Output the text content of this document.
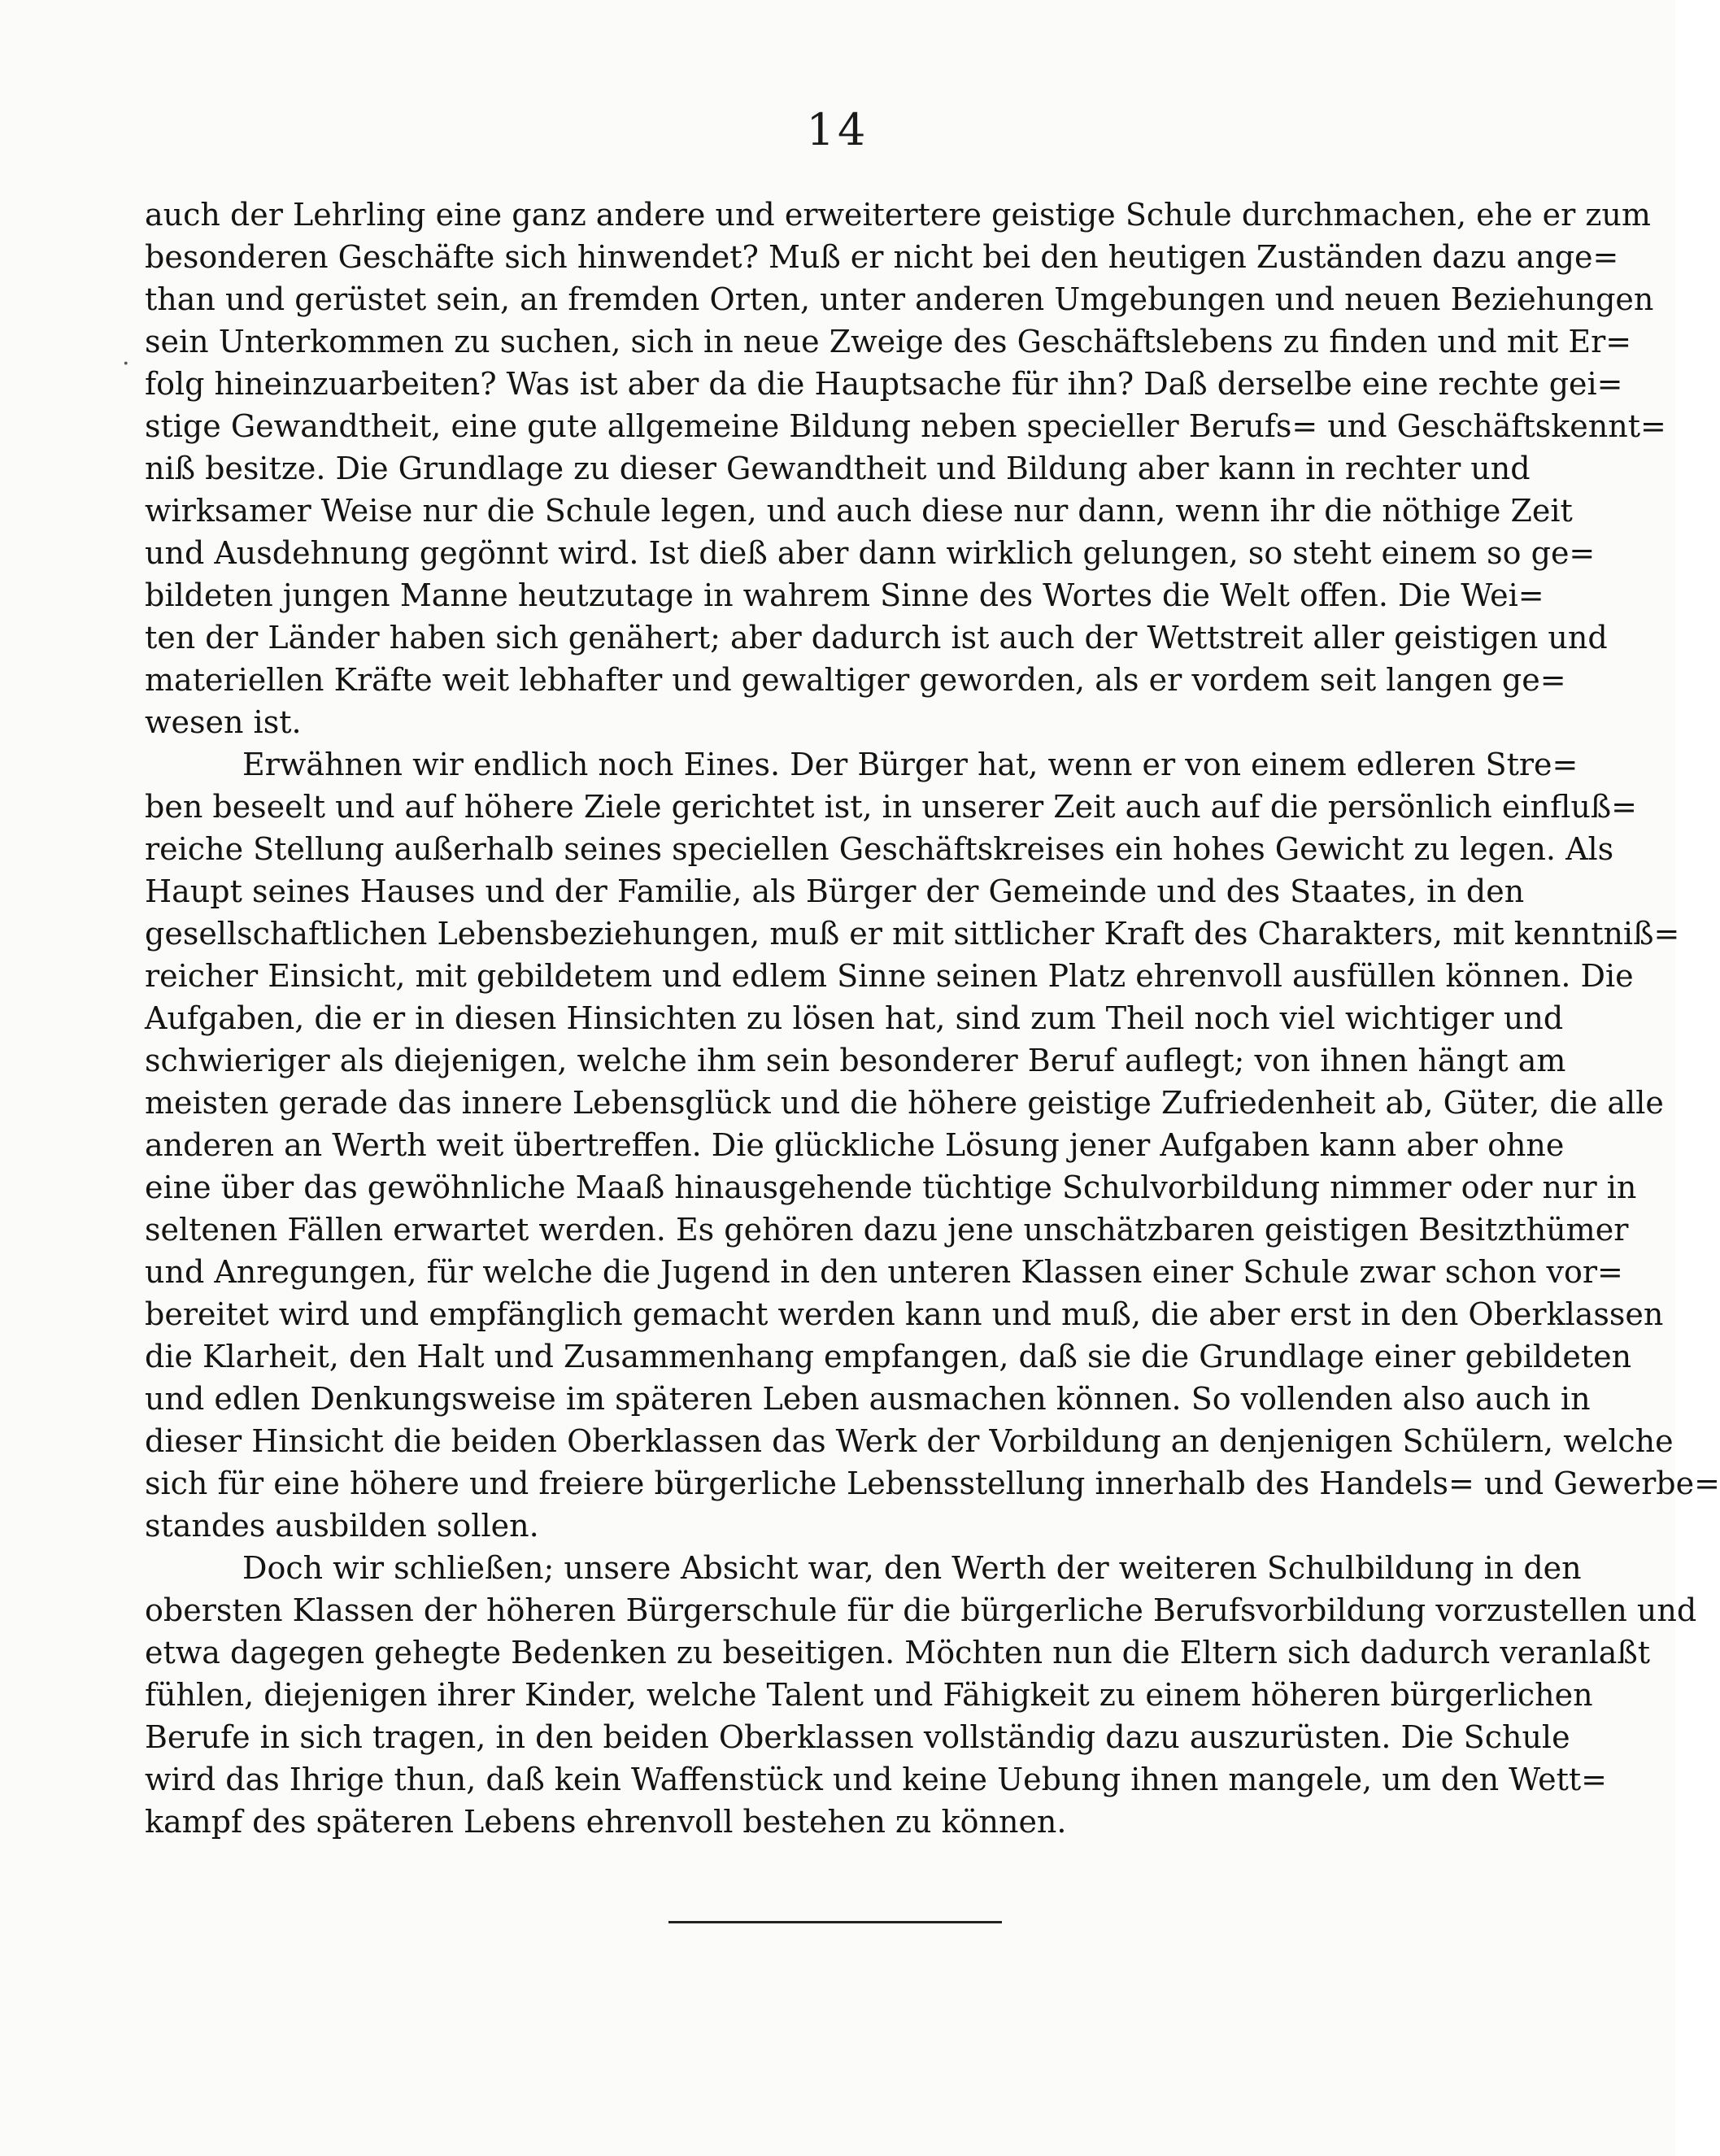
14
·
auch der Lehrling eine ganz andere und erweitertere geistige Schule durchmachen, ehe er zum
besonderen Geschäfte sich hinwendet? Muß er nicht bei den heutigen Zuständen dazu ange=
than und gerüstet sein, an fremden Orten, unter anderen Umgebungen und neuen Beziehungen
sein Unterkommen zu suchen, sich in neue Zweige des Geschäftslebens zu finden und mit Er=
folg hineinzuarbeiten? Was ist aber da die Hauptsache für ihn? Daß derselbe eine rechte gei=
stige Gewandtheit, eine gute allgemeine Bildung neben specieller Berufs= und Geschäftskennt=
niß besitze. Die Grundlage zu dieser Gewandtheit und Bildung aber kann in rechter und
wirksamer Weise nur die Schule legen, und auch diese nur dann, wenn ihr die nöthige Zeit
und Ausdehnung gegönnt wird. Ist dieß aber dann wirklich gelungen, so steht einem so ge=
bildeten jungen Manne heutzutage in wahrem Sinne des Wortes die Welt offen. Die Wei=
ten der Länder haben sich genähert; aber dadurch ist auch der Wettstreit aller geistigen und
materiellen Kräfte weit lebhafter und gewaltiger geworden, als er vordem seit langen ge=
wesen ist.
Erwähnen wir endlich noch Eines. Der Bürger hat, wenn er von einem edleren Stre=
ben beseelt und auf höhere Ziele gerichtet ist, in unserer Zeit auch auf die persönlich einfluß=
reiche Stellung außerhalb seines speciellen Geschäftskreises ein hohes Gewicht zu legen. Als
Haupt seines Hauses und der Familie, als Bürger der Gemeinde und des Staates, in den
gesellschaftlichen Lebensbeziehungen, muß er mit sittlicher Kraft des Charakters, mit kenntniß=
reicher Einsicht, mit gebildetem und edlem Sinne seinen Platz ehrenvoll ausfüllen können. Die
Aufgaben, die er in diesen Hinsichten zu lösen hat, sind zum Theil noch viel wichtiger und
schwieriger als diejenigen, welche ihm sein besonderer Beruf auflegt; von ihnen hängt am
meisten gerade das innere Lebensglück und die höhere geistige Zufriedenheit ab, Güter, die alle
anderen an Werth weit übertreffen. Die glückliche Lösung jener Aufgaben kann aber ohne
eine über das gewöhnliche Maaß hinausgehende tüchtige Schulvorbildung nimmer oder nur in
seltenen Fällen erwartet werden. Es gehören dazu jene unschätzbaren geistigen Besitzthümer
und Anregungen, für welche die Jugend in den unteren Klassen einer Schule zwar schon vor=
bereitet wird und empfänglich gemacht werden kann und muß, die aber erst in den Oberklassen
die Klarheit, den Halt und Zusammenhang empfangen, daß sie die Grundlage einer gebildeten
und edlen Denkungsweise im späteren Leben ausmachen können. So vollenden also auch in
dieser Hinsicht die beiden Oberklassen das Werk der Vorbildung an denjenigen Schülern, welche
sich für eine höhere und freiere bürgerliche Lebensstellung innerhalb des Handels= und Gewerbe=
standes ausbilden sollen.
Doch wir schließen; unsere Absicht war, den Werth der weiteren Schulbildung in den
obersten Klassen der höheren Bürgerschule für die bürgerliche Berufsvorbildung vorzustellen und
etwa dagegen gehegte Bedenken zu beseitigen. Möchten nun die Eltern sich dadurch veranlaßt
fühlen, diejenigen ihrer Kinder, welche Talent und Fähigkeit zu einem höheren bürgerlichen
Berufe in sich tragen, in den beiden Oberklassen vollständig dazu auszurüsten. Die Schule
wird das Ihrige thun, daß kein Waffenstück und keine Uebung ihnen mangele, um den Wett=
kampf des späteren Lebens ehrenvoll bestehen zu können.
